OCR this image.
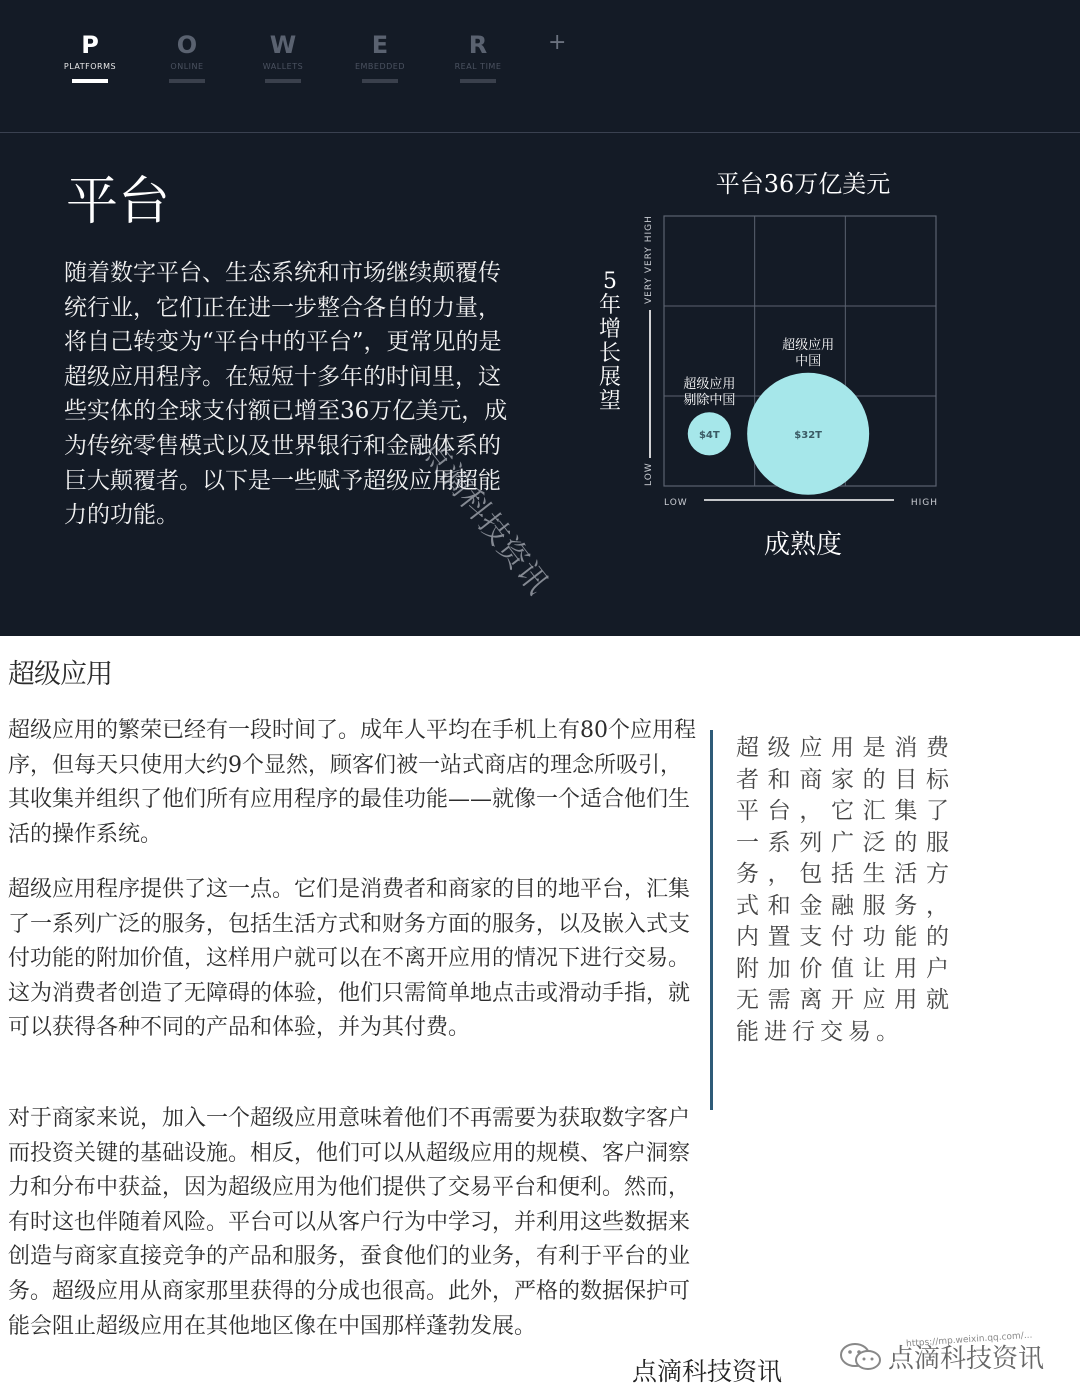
P
PLATFORMS
O
ONLINE
W
WALLETS
E
EMBEDDED
R
REAL TIME
+
平台

随着数字平台、生态系统和市场继续颠覆传统行业，它们正在进一步整合各自的力量，将自己转变为“平台中的平台”，更常见的是超级应用程序。在短短十多年的时间里，这些实体的全球支付额已增至36万亿美元，成为传统零售模式以及世界银行和金融体系的巨大颠覆者。以下是一些赋予超级应用超能力的功能。

平台36万亿美元
5年增长展望
成熟度
LOW	HIGH
LOW
VERY VERY HIGH
$4T
超级应用
剔除中国
$32T
超级应用
中国
点滴科技资讯
超级应用

超级应用的繁荣已经有一段时间了。成年人平均在手机上有80个应用程序，但每天只使用大约9个显然，顾客们被一站式商店的理念所吸引，其收集并组织了他们所有应用程序的最佳功能——就像一个适合他们生活的操作系统。

超级应用程序提供了这一点。它们是消费者和商家的目的地平台，汇集了一系列广泛的服务，包括生活方式和财务方面的服务，以及嵌入式支付功能的附加价值，这样用户就可以在不离开应用的情况下进行交易。这为消费者创造了无障碍的体验，他们只需简单地点击或滑动手指，就可以获得各种不同的产品和体验，并为其付费。

对于商家来说，加入一个超级应用意味着他们不再需要为获取数字客户而投资关键的基础设施。相反，他们可以从超级应用的规模、客户洞察力和分布中获益，因为超级应用为他们提供了交易平台和便利。然而，有时这也伴随着风险。平台可以从客户行为中学习，并利用这些数据来创造与商家直接竞争的产品和服务，蚕食他们的业务，有利于平台的业务。超级应用从商家那里获得的分成也很高。此外，严格的数据保护可能会阻止超级应用在其他地区像在中国那样蓬勃发展。

超级应用是消费者和商家的目标平台，它汇集了一系列广泛的服务，包括生活方式和金融服务，内置支付功能的附加价值让用户无需离开应用就能进行交易。

https://mp.weixin.qq.com/...
点滴科技资讯	点滴科技资讯
